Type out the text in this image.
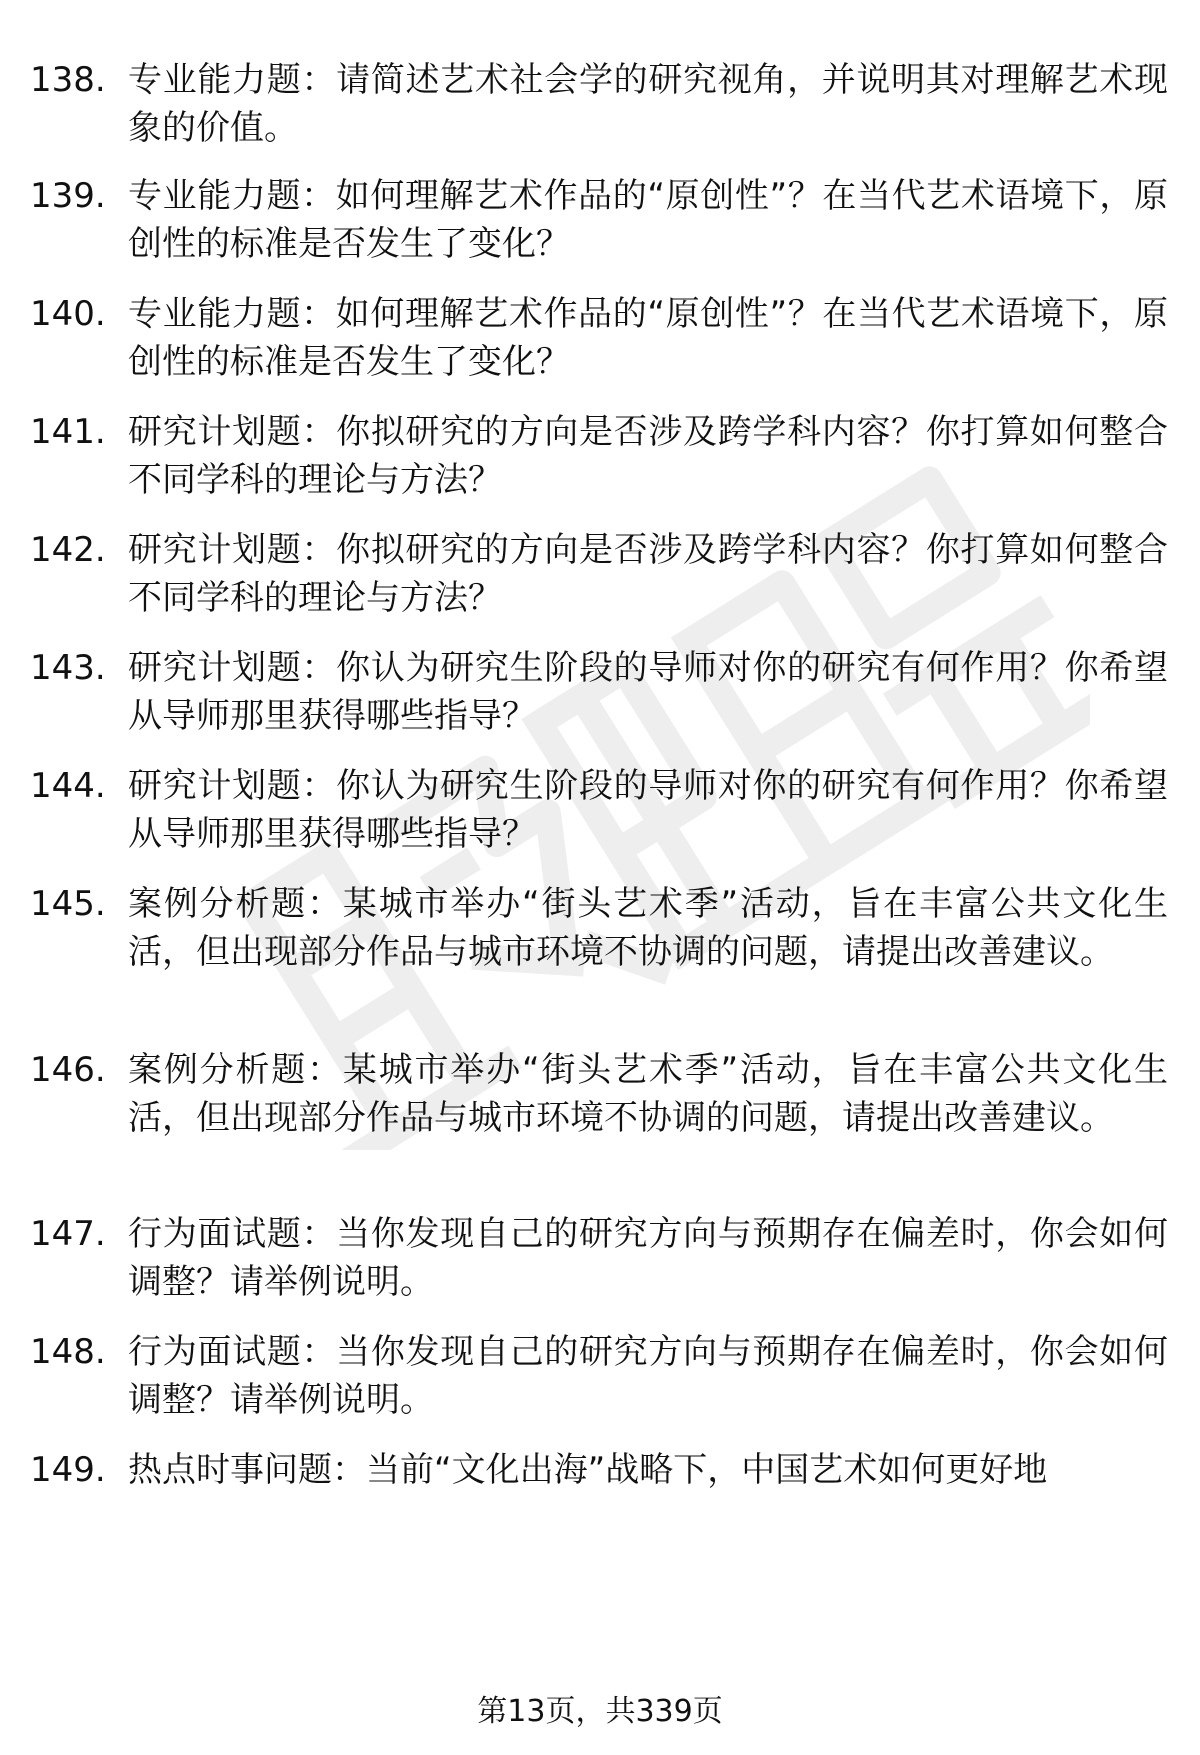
138. 专业能力题：请简述艺术社会学的研究视角，并说明其对理解艺术现象的价值。
139. 专业能力题：如何理解艺术作品的“原创性”？在当代艺术语境下，原创性的标准是否发生了变化？
140. 专业能力题：如何理解艺术作品的“原创性”？在当代艺术语境下，原创性的标准是否发生了变化？
141. 研究计划题：你拟研究的方向是否涉及跨学科内容？你打算如何整合不同学科的理论与方法？
142. 研究计划题：你拟研究的方向是否涉及跨学科内容？你打算如何整合不同学科的理论与方法？
143. 研究计划题：你认为研究生阶段的导师对你的研究有何作用？你希望从导师那里获得哪些指导？
144. 研究计划题：你认为研究生阶段的导师对你的研究有何作用？你希望从导师那里获得哪些指导？
145. 案例分析题：某城市举办“街头艺术季”活动，旨在丰富公共文化生活，但出现部分作品与城市环境不协调的问题，请提出改善建议。
146. 案例分析题：某城市举办“街头艺术季”活动，旨在丰富公共文化生活，但出现部分作品与城市环境不协调的问题，请提出改善建议。
147. 行为面试题：当你发现自己的研究方向与预期存在偏差时，你会如何调整？请举例说明。
148. 行为面试题：当你发现自己的研究方向与预期存在偏差时，你会如何调整？请举例说明。
149. 热点时事问题：当前“文化出海”战略下，中国艺术如何更好地
第13页，共339页
